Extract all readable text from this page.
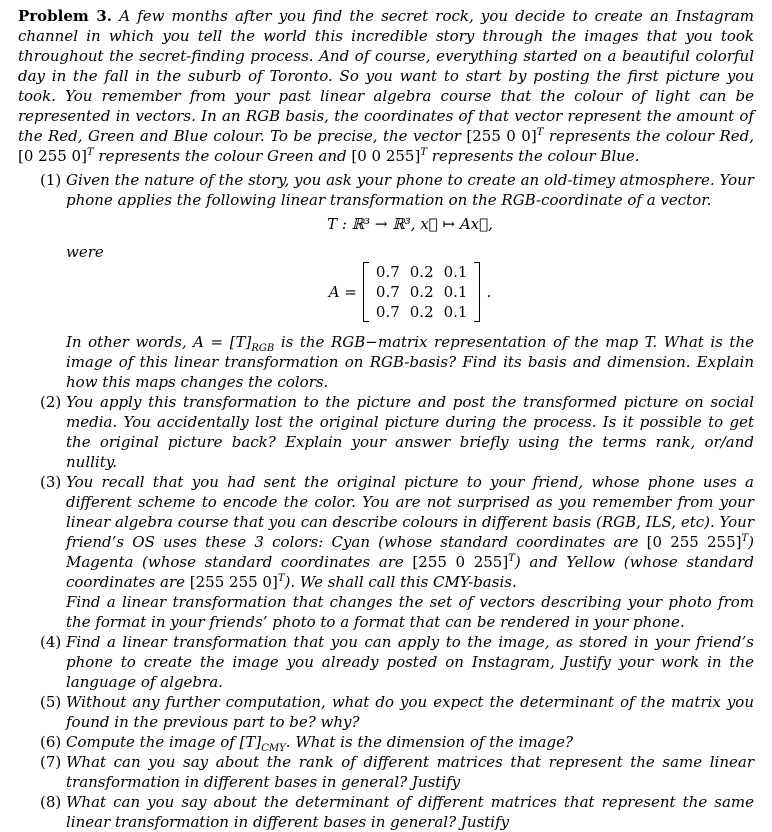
Problem 3. A few months after you find the secret rock, you decide to create an Instagram channel in which you tell the world this incredible story through the images that you took throughout the secret-finding process. And of course, everything started on a beautiful colorful day in the fall in the suburb of Toronto. So you want to start by posting the first picture you took. You remember from your past linear algebra course that the colour of light can be represented in vectors. In an RGB basis, the coordinates of that vector represent the amount of the Red, Green and Blue colour. To be precise, the vector [255 0 0]$^T$ represents the colour Red, [0 255 0]$^T$ represents the colour Green and [0 0 255]$^T$ represents the colour Blue.

(1) Given the nature of the story, you ask your phone to create an old-timey atmosphere. Your phone applies the following linear transformation on the RGB-coordinate of a vector.
T : ℝ³ → ℝ³, x⃗ ↦ Ax⃗,
were
A =
0.7	0.2	0.1
0.7	0.2	0.1
0.7	0.2	0.1
.
In other words, $A = [T]_{RGB}$ is the RGB−matrix representation of the map T. What is the image of this linear transformation on RGB-basis? Find its basis and dimension. Explain how this maps changes the colors.
(2) You apply this transformation to the picture and post the transformed picture on social media. You accidentally lost the original picture during the process. Is it possible to get the original picture back? Explain your answer briefly using the terms rank, or/and nullity.
(3) You recall that you had sent the original picture to your friend, whose phone uses a different scheme to encode the color. You are not surprised as you remember from your linear algebra course that you can describe colours in different basis (RGB, ILS, etc). Your friend’s OS uses these 3 colors: Cyan (whose standard coordinates are [0 255 255]$^T$) Magenta (whose standard coordinates are [255 0 255]$^T$) and Yellow (whose standard coordinates are [255 255 0]$^T$). We shall call this CMY-basis.
Find a linear transformation that changes the set of vectors describing your photo from the format in your friends’ photo to a format that can be rendered in your phone.
(4) Find a linear transformation that you can apply to the image, as stored in your friend’s phone to create the image you already posted on Instagram, Justify your work in the language of algebra.
(5) Without any further computation, what do you expect the determinant of the matrix you found in the previous part to be? why?
(6) Compute the image of $[T]_{CMY}$. What is the dimension of the image?
(7) What can you say about the rank of different matrices that represent the same linear transformation in different bases in general? Justify
(8) What can you say about the determinant of different matrices that represent the same linear transformation in different bases in general? Justify
